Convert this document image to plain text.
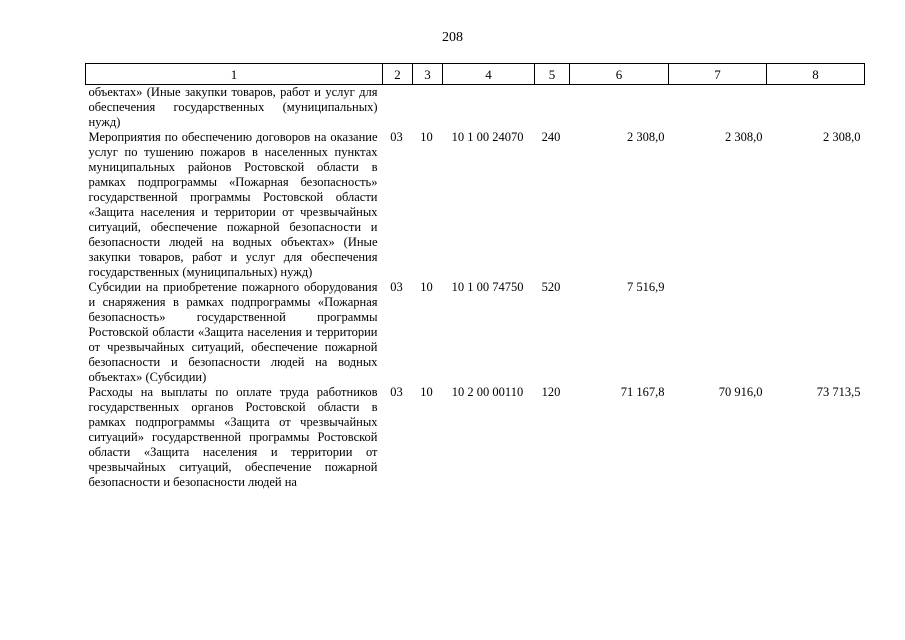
208
1	2	3	4	5	6	7	8
объектах» (Иные закупки товаров, работ и услуг для обеспечения государственных (муниципальных) нужд)							
Мероприятия по обеспечению договоров на оказание услуг по тушению пожаров в населенных пунктах муниципальных районов Ростовской области в рамках подпрограммы «Пожарная безопасность» государственной программы Ростовской области «Защита населения и территории от чрезвычайных ситуаций, обеспечение пожарной безопасности и безопасности людей на водных объектах» (Иные закупки товаров, работ и услуг для обеспечения государственных (муниципальных) нужд)	03	10	10 1 00 24070	240	2 308,0	2 308,0	2 308,0
Субсидии на приобретение пожарного оборудования и снаряжения в рамках подпрограммы «Пожарная безопасность» государственной программы Ростовской области «Защита населения и территории от чрезвычайных ситуаций, обеспечение пожарной безопасности и безопасности людей на водных объектах» (Субсидии)	03	10	10 1 00 74750	520	7 516,9		
Расходы на выплаты по оплате труда работников государственных органов Ростовской области в рамках подпрограммы «Защита от чрезвычайных ситуаций» государственной программы Ростовской области «Защита населения и территории от чрезвычайных ситуаций, обеспечение пожарной безопасности и безопасности людей на	03	10	10 2 00 00110	120	71 167,8	70 916,0	73 713,5
